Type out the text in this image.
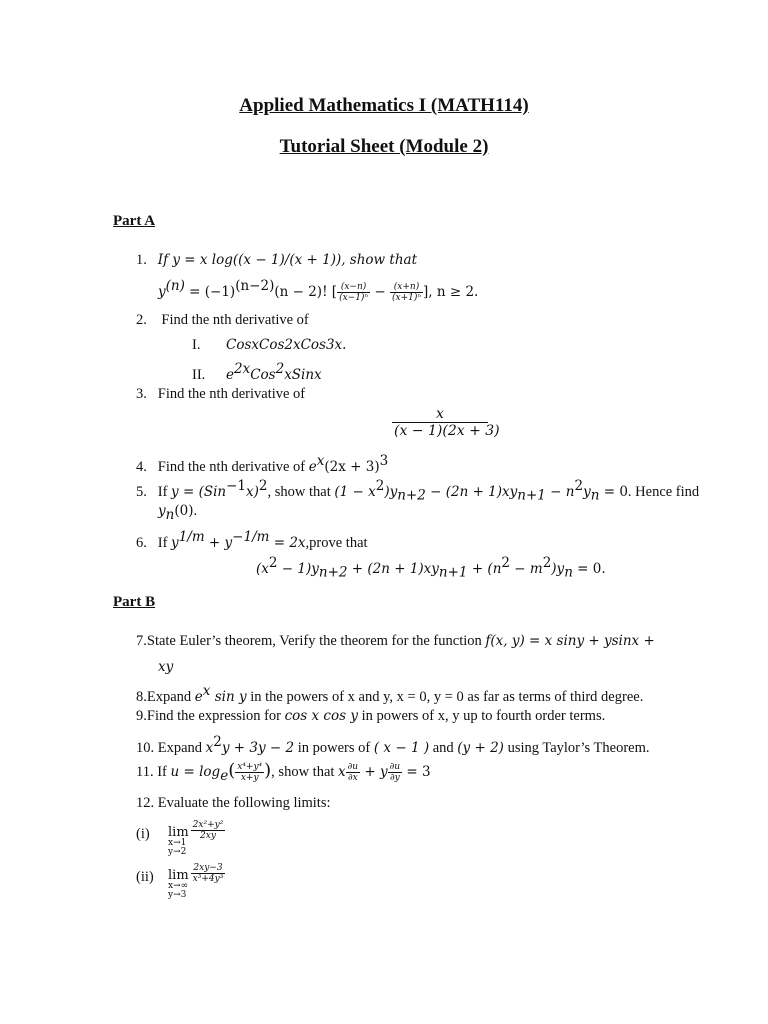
Applied Mathematics I (MATH114)
Tutorial Sheet (Module 2)
Part A
1. If y = x log((x − 1)/(x + 1)), show that
$y^{(n)} = (-1)^{(n-2)}(n - 2)$! [ $\frac{(x-n)}{\text{(x−1)ⁿ}} - \frac{(x+n)}{\text{(x+1)ⁿ}}$ ], n ≥ 2.
2. Find the nth derivative of
I. CosxCos2xCos3x.
II. $e^{2x}Cos^2xSinx$
3. Find the nth derivative of
$\frac{x}{(x - 1)(2x + 3)}$
4. Find the nth derivative of $e^x(2x + 3)^3$
5. If $y = (Sin^{-1}x)^2$, show that $(1 - x^2)y_{n+2} - (2n + 1)xy_{n+1} - n^2y_n = 0$. Hence find
$y_n(0)$.
6. If $y^{1/m} + y^{-1/m}$ = 2x,prove that
$(x^2 - 1)y_{n+2} + (2n + 1)xy_{n+1} + (n^2 - m^2)y_n = 0$.
Part B
7.State Euler’s theorem, Verify the theorem for the function f(x, y) = x siny + ysinx +
xy
8.Expand $e^x$ sin y in the powers of x and y, x = 0, y = 0 as far as terms of third degree.
9.Find the expression for cos x cos y in powers of x, y up to fourth order terms.
10. Expand $x^2y + 3y - 2$ in powers of ( x − 1 ) and (y + 2) using Taylor’s Theorem.
11. If $u = \log_e( \frac{\text{x⁴+y⁴}}{x+y}$ ), show that x $\frac{\partial u}{\partial x} + y \frac{\partial u}{\partial y} = 3$
12. Evaluate the following limits:
(i) lim
x→1
y→2
$\frac{\text{2x²+y²}}{2xy}$
(ii) lim
x→∞
y→3
$\frac{2xy-3}{\text{x³+4y³}}$
